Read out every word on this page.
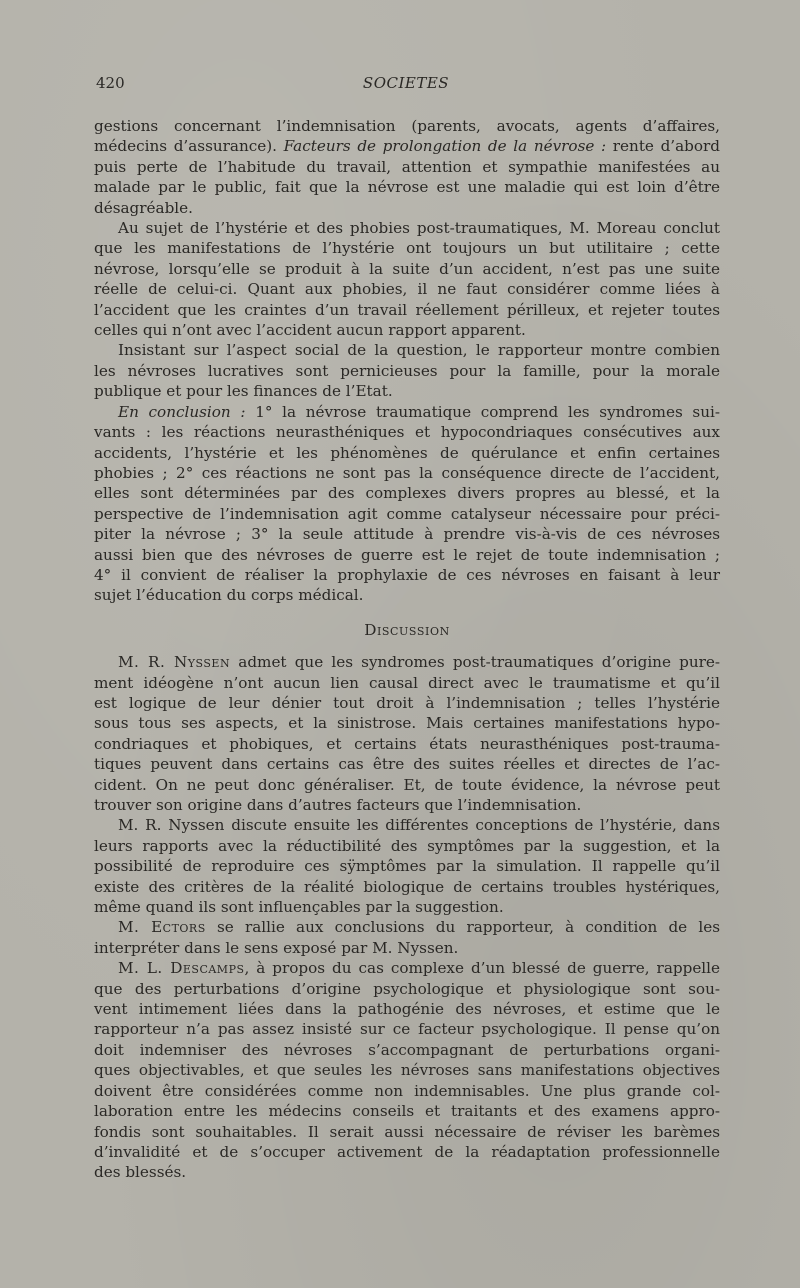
420	SOCIETES
gestions concernant l’indemnisation (parents, avocats, agents d’affaires,
médecins d’assurance). Facteurs de prolongation de la névrose : rente d’abord
puis perte de l’habitude du travail, attention et sympathie manifestées au
malade par le public, fait que la névrose est une maladie qui est loin d’être
désagréable.
Au sujet de l’hystérie et des phobies post-traumatiques, M. Moreau conclut
que les manifestations de l’hystérie ont toujours un but utilitaire ; cette
névrose, lorsqu’elle se produit à la suite d’un accident, n’est pas une suite
réelle de celui-ci. Quant aux phobies, il ne faut considérer comme liées à
l’accident que les craintes d’un travail réellement périlleux, et rejeter toutes
celles qui n’ont avec l’accident aucun rapport apparent.
Insistant sur l’aspect social de la question, le rapporteur montre combien
les névroses lucratives sont pernicieuses pour la famille, pour la morale
publique et pour les finances de l’Etat.
En conclusion : 1° la névrose traumatique comprend les syndromes sui-
vants : les réactions neurasthéniques et hypocondriaques consécutives aux
accidents, l’hystérie et les phénomènes de quérulance et enfin certaines
phobies ; 2° ces réactions ne sont pas la conséquence directe de l’accident,
elles sont déterminées par des complexes divers propres au blessé, et la
perspective de l’indemnisation agit comme catalyseur nécessaire pour préci-
piter la névrose ; 3° la seule attitude à prendre vis-à-vis de ces névroses
aussi bien que des névroses de guerre est le rejet de toute indemnisation ;
4° il convient de réaliser la prophylaxie de ces névroses en faisant à leur
sujet l’éducation du corps médical.
Discussion
M. R. Nyssen admet que les syndromes post-traumatiques d’origine pure-
ment idéogène n’ont aucun lien causal direct avec le traumatisme et qu’il
est logique de leur dénier tout droit à l’indemnisation ; telles l’hystérie
sous tous ses aspects, et la sinistrose. Mais certaines manifestations hypo-
condriaques et phobiques, et certains états neurasthéniques post-trauma-
tiques peuvent dans certains cas être des suites réelles et directes de l’ac-
cident. On ne peut donc généraliser. Et, de toute évidence, la névrose peut
trouver son origine dans d’autres facteurs que l’indemnisation.
M. R. Nyssen discute ensuite les différentes conceptions de l’hystérie, dans
leurs rapports avec la réductibilité des symptômes par la suggestion, et la
possibilité de reproduire ces sÿmptômes par la simulation. Il rappelle qu’il
existe des critères de la réalité biologique de certains troubles hystériques,
même quand ils sont influençables par la suggestion.
M. Ectors se rallie aux conclusions du rapporteur, à condition de les
interpréter dans le sens exposé par M. Nyssen.
M. L. Descamps, à propos du cas complexe d’un blessé de guerre, rappelle
que des perturbations d’origine psychologique et physiologique sont sou-
vent intimement liées dans la pathogénie des névroses, et estime que le
rapporteur n’a pas assez insisté sur ce facteur psychologique. Il pense qu’on
doit indemniser des névroses s’accompagnant de perturbations organi-
ques objectivables, et que seules les névroses sans manifestations objectives
doivent être considérées comme non indemnisables. Une plus grande col-
laboration entre les médecins conseils et traitants et des examens appro-
fondis sont souhaitables. Il serait aussi nécessaire de réviser les barèmes
d’invalidité et de s’occuper activement de la réadaptation professionnelle
des blessés.
